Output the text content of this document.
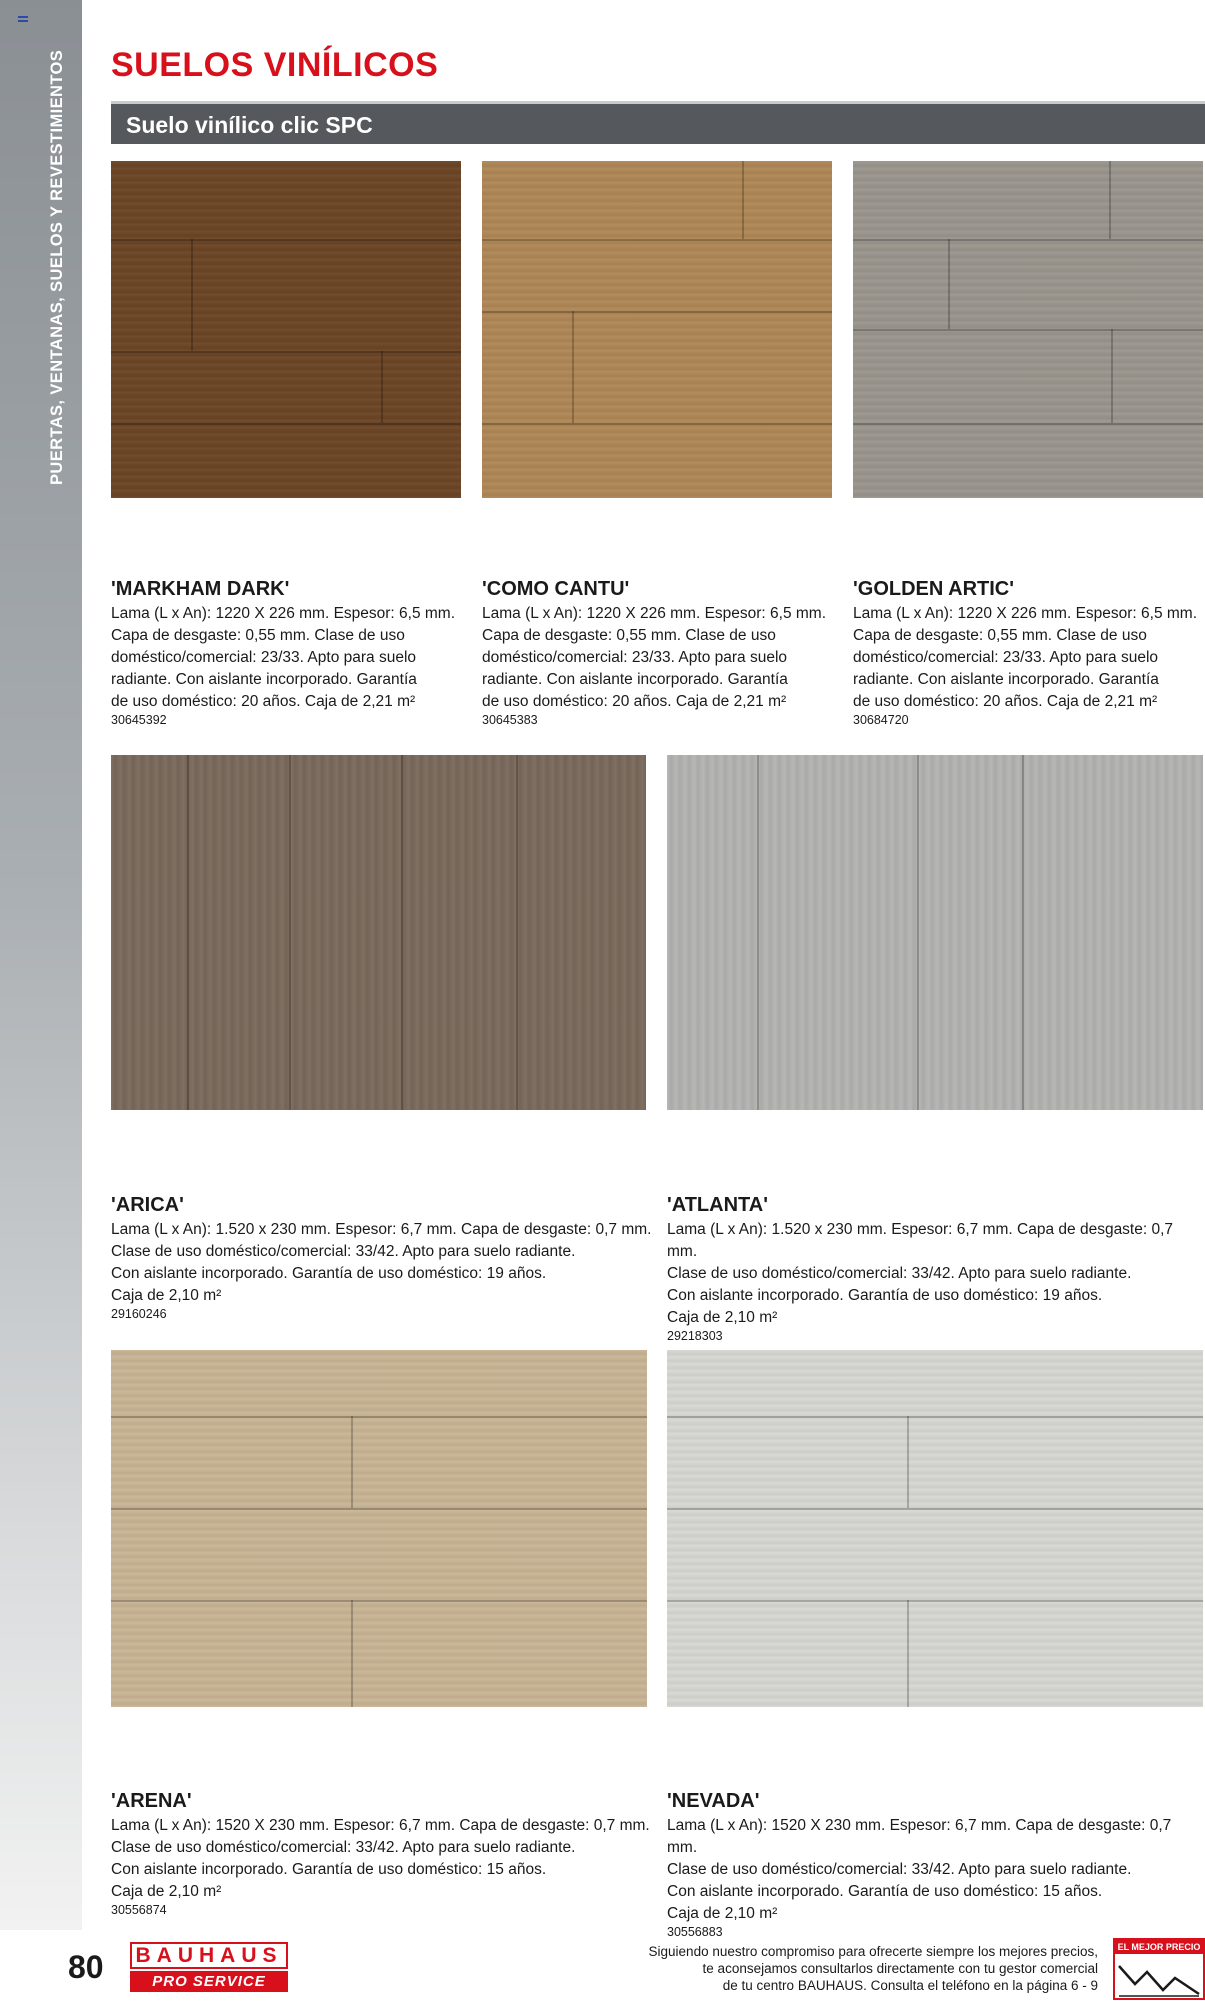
PUERTAS, VENTANAS, SUELOS Y REVESTIMIENTOS SUELOS VINÍLICOS
Suelo vinílico clic SPC

'MARKHAM DARK'

Lama (L x An): 1220 X 226 mm. Espesor: 6,5 mm.
Capa de desgaste: 0,55 mm. Clase de uso
doméstico/comercial: 23/33. Apto para suelo
radiante. Con aislante incorporado. Garantía
de uso doméstico: 20 años. Caja de 2,21 m²

30645392

'COMO CANTU'

Lama (L x An): 1220 X 226 mm. Espesor: 6,5 mm.
Capa de desgaste: 0,55 mm. Clase de uso
doméstico/comercial: 23/33. Apto para suelo
radiante. Con aislante incorporado. Garantía
de uso doméstico: 20 años. Caja de 2,21 m²

30645383

'GOLDEN ARTIC'

Lama (L x An): 1220 X 226 mm. Espesor: 6,5 mm.
Capa de desgaste: 0,55 mm. Clase de uso
doméstico/comercial: 23/33. Apto para suelo
radiante. Con aislante incorporado. Garantía
de uso doméstico: 20 años. Caja de 2,21 m²

30684720

'ARICA'

Lama (L x An): 1.520 x 230 mm. Espesor: 6,7 mm. Capa de desgaste: 0,7 mm.
Clase de uso doméstico/comercial: 33/42. Apto para suelo radiante.
Con aislante incorporado. Garantía de uso doméstico: 19 años.
Caja de 2,10 m²

29160246

'ATLANTA'

Lama (L x An): 1.520 x 230 mm. Espesor: 6,7 mm. Capa de desgaste: 0,7 mm.
Clase de uso doméstico/comercial: 33/42. Apto para suelo radiante.
Con aislante incorporado. Garantía de uso doméstico: 19 años.
Caja de 2,10 m²

29218303

'ARENA'

Lama (L x An): 1520 X 230 mm. Espesor: 6,7 mm. Capa de desgaste: 0,7 mm.
Clase de uso doméstico/comercial: 33/42. Apto para suelo radiante.
Con aislante incorporado. Garantía de uso doméstico: 15 años.
Caja de 2,10 m²

30556874

'NEVADA'

Lama (L x An): 1520 X 230 mm. Espesor: 6,7 mm. Capa de desgaste: 0,7 mm.
Clase de uso doméstico/comercial: 33/42. Apto para suelo radiante.
Con aislante incorporado. Garantía de uso doméstico: 15 años.
Caja de 2,10 m²

30556883

80 BAUHAUS
PRO SERVICE
Siguiendo nuestro compromiso para ofrecerte siempre los mejores precios,
te aconsejamos consultarlos directamente con tu gestor comercial
de tu centro BAUHAUS. Consulta el teléfono en la página 6 - 9
EL MEJOR PRECIO
